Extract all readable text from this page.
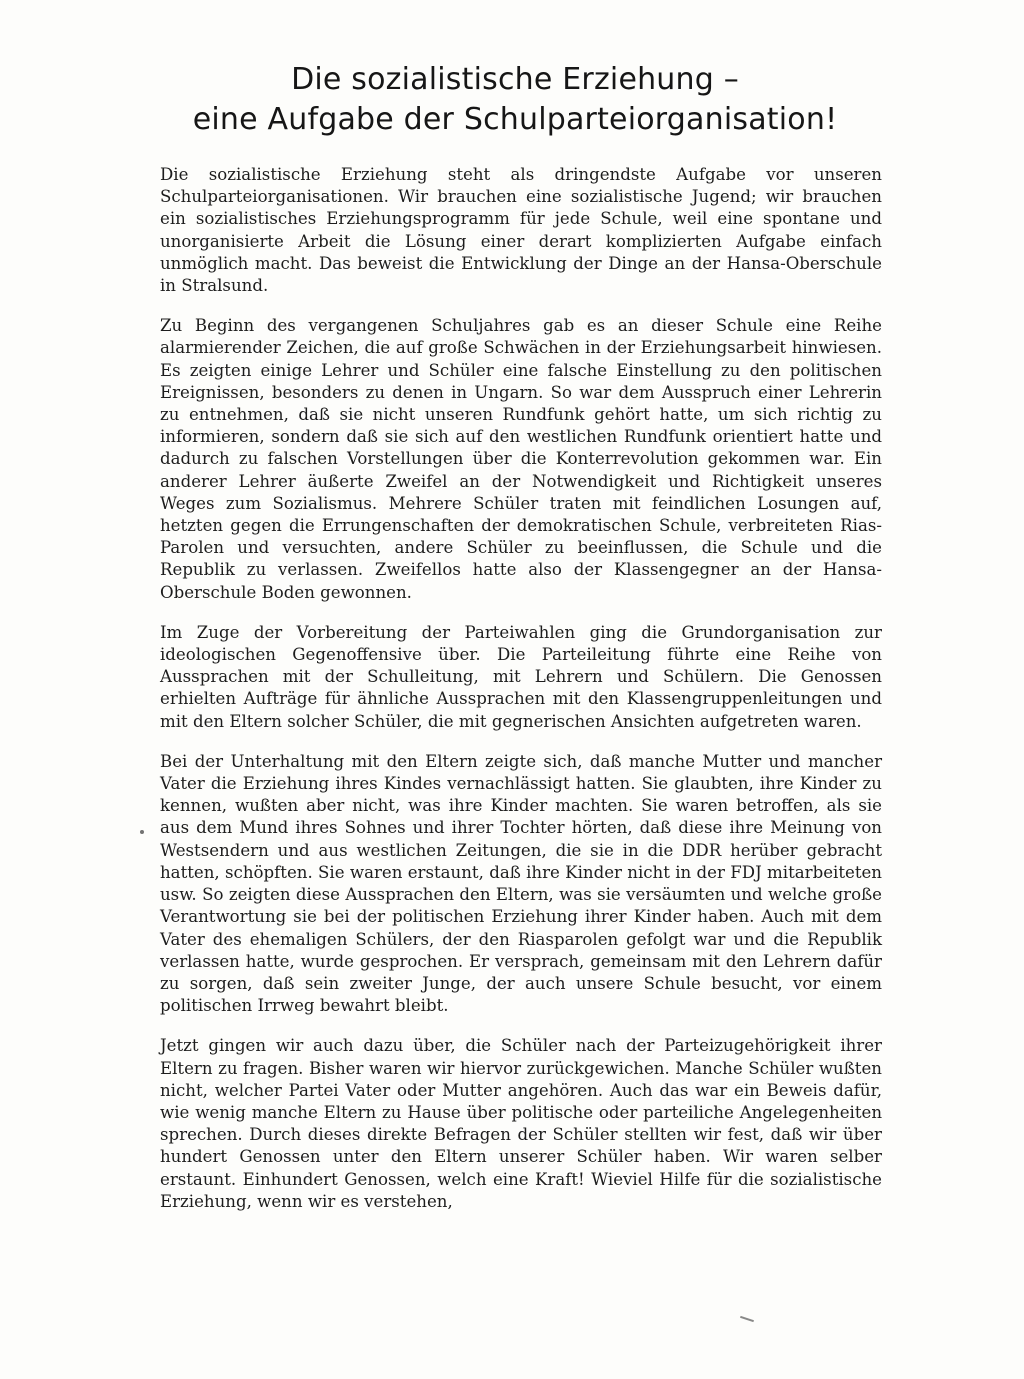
Die sozialistische Erziehung –
eine Aufgabe der Schulparteiorganisation!

Die sozialistische Erziehung steht als dringendste Aufgabe vor unseren Schulparteiorganisationen. Wir brauchen eine sozialistische Jugend; wir brauchen ein sozialistisches Erziehungsprogramm für jede Schule, weil eine spontane und unorganisierte Arbeit die Lösung einer derart komplizierten Aufgabe einfach unmöglich macht. Das beweist die Entwicklung der Dinge an der Hansa-Oberschule in Stralsund.

Zu Beginn des vergangenen Schuljahres gab es an dieser Schule eine Reihe alarmierender Zeichen, die auf große Schwächen in der Erziehungsarbeit hinwiesen. Es zeigten einige Lehrer und Schüler eine falsche Einstellung zu den politischen Ereignissen, besonders zu denen in Ungarn. So war dem Ausspruch einer Lehrerin zu entnehmen, daß sie nicht unseren Rundfunk gehört hatte, um sich richtig zu informieren, sondern daß sie sich auf den westlichen Rundfunk orientiert hatte und dadurch zu falschen Vorstellungen über die Konterrevolution gekommen war. Ein anderer Lehrer äußerte Zweifel an der Notwendigkeit und Richtigkeit unseres Weges zum Sozialismus. Mehrere Schüler traten mit feindlichen Losungen auf, hetzten gegen die Errungenschaften der demokratischen Schule, verbreiteten Rias-Parolen und versuchten, andere Schüler zu beeinflussen, die Schule und die Republik zu verlassen. Zweifellos hatte also der Klassengegner an der Hansa-Oberschule Boden gewonnen.

Im Zuge der Vorbereitung der Parteiwahlen ging die Grundorganisation zur ideologischen Gegenoffensive über. Die Parteileitung führte eine Reihe von Aussprachen mit der Schulleitung, mit Lehrern und Schülern. Die Genossen erhielten Aufträge für ähnliche Aussprachen mit den Klassengruppenleitungen und mit den Eltern solcher Schüler, die mit gegnerischen Ansichten aufgetreten waren.

Bei der Unterhaltung mit den Eltern zeigte sich, daß manche Mutter und mancher Vater die Erziehung ihres Kindes vernachlässigt hatten. Sie glaubten, ihre Kinder zu kennen, wußten aber nicht, was ihre Kinder machten. Sie waren betroffen, als sie aus dem Mund ihres Sohnes und ihrer Tochter hörten, daß diese ihre Meinung von Westsendern und aus westlichen Zeitungen, die sie in die DDR herüber gebracht hatten, schöpften. Sie waren erstaunt, daß ihre Kinder nicht in der FDJ mitarbeiteten usw. So zeigten diese Aussprachen den Eltern, was sie versäumten und welche große Verantwortung sie bei der politischen Erziehung ihrer Kinder haben. Auch mit dem Vater des ehemaligen Schülers, der den Riasparolen gefolgt war und die Republik verlassen hatte, wurde gesprochen. Er versprach, gemeinsam mit den Lehrern dafür zu sorgen, daß sein zweiter Junge, der auch unsere Schule besucht, vor einem politischen Irrweg bewahrt bleibt.

Jetzt gingen wir auch dazu über, die Schüler nach der Parteizugehörigkeit ihrer Eltern zu fragen. Bisher waren wir hiervor zurückgewichen. Manche Schüler wußten nicht, welcher Partei Vater oder Mutter angehören. Auch das war ein Beweis dafür, wie wenig manche Eltern zu Hause über politische oder parteiliche Angelegenheiten sprechen. Durch dieses direkte Befragen der Schüler stellten wir fest, daß wir über hundert Genossen unter den Eltern unserer Schüler haben. Wir waren selber erstaunt. Einhundert Genossen, welch eine Kraft! Wieviel Hilfe für die sozialistische Erziehung, wenn wir es verstehen,
